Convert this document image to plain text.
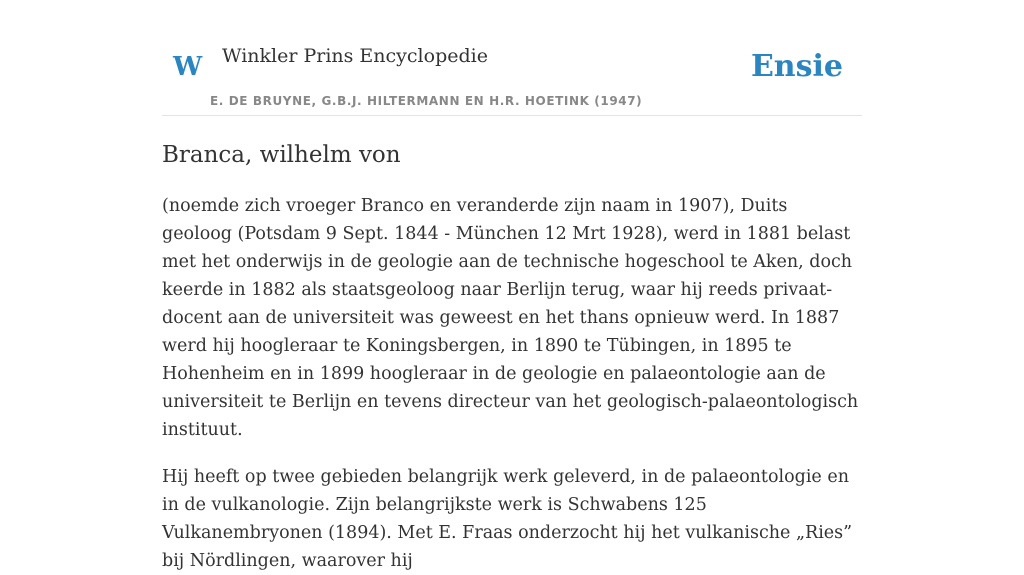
W Winkler Prins Encyclopedie	Ensie
E. DE BRUYNE, G.B.J. HILTERMANN EN H.R. HOETINK (1947)
Branca, wilhelm von

(noemde zich vroeger Branco en veranderde zijn naam in 1907), Duits geoloog (Potsdam 9 Sept. 1844 - München 12 Mrt 1928), werd in 1881 belast met het onderwijs in de geologie aan de technische hogeschool te Aken, doch keerde in 1882 als staatsgeoloog naar Berlijn terug, waar hij reeds privaat-docent aan de universiteit was geweest en het thans opnieuw werd. In 1887 werd hij hoogleraar te Koningsbergen, in 1890 te Tübingen, in 1895 te Hohenheim en in 1899 hoogleraar in de geologie en palaeontologie aan de universiteit te Berlijn en tevens directeur van het geologisch-palaeontologisch instituut.

Hij heeft op twee gebieden belangrijk werk geleverd, in de palaeontologie en in de vulkanologie. Zijn belangrijkste werk is Schwabens 125 Vulkanembryonen (1894). Met E. Fraas onderzocht hij het vulkanische „Ries” bij Nördlingen, waarover hij
